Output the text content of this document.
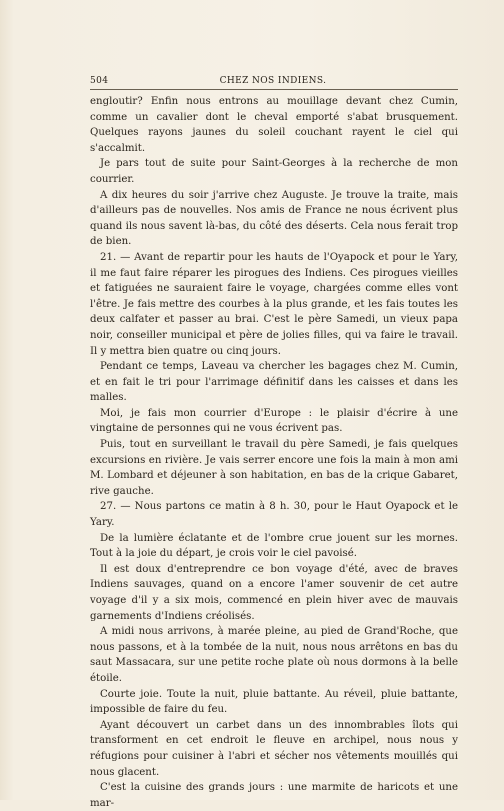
504	CHEZ NOS INDIENS.

engloutir? Enfin nous entrons au mouillage devant chez Cumin, comme un cavalier dont le cheval emporté s'abat brusquement. Quelques rayons jaunes du soleil couchant rayent le ciel qui s'accalmit.

Je pars tout de suite pour Saint-Georges à la recherche de mon courrier.

A dix heures du soir j'arrive chez Auguste. Je trouve la traite, mais d'ailleurs pas de nouvelles. Nos amis de France ne nous écrivent plus quand ils nous savent là-bas, du côté des déserts. Cela nous ferait trop de bien.

21. — Avant de repartir pour les hauts de l'Oyapock et pour le Yary, il me faut faire réparer les pirogues des Indiens. Ces pirogues vieilles et fatiguées ne sauraient faire le voyage, chargées comme elles vont l'être. Je fais mettre des courbes à la plus grande, et les fais toutes les deux calfater et passer au brai. C'est le père Samedi, un vieux papa noir, conseiller municipal et père de jolies filles, qui va faire le travail. Il y mettra bien quatre ou cinq jours.

Pendant ce temps, Laveau va chercher les bagages chez M. Cumin, et en fait le tri pour l'arrimage définitif dans les caisses et dans les malles.

Moi, je fais mon courrier d'Europe : le plaisir d'écrire à une vingtaine de personnes qui ne vous écrivent pas.

Puis, tout en surveillant le travail du père Samedi, je fais quelques excursions en rivière. Je vais serrer encore une fois la main à mon ami M. Lombard et déjeuner à son habitation, en bas de la crique Gabaret, rive gauche.

27. — Nous partons ce matin à 8 h. 30, pour le Haut Oyapock et le Yary.

De la lumière éclatante et de l'ombre crue jouent sur les mornes. Tout à la joie du départ, je crois voir le ciel pavoisé.

Il est doux d'entreprendre ce bon voyage d'été, avec de braves Indiens sauvages, quand on a encore l'amer souvenir de cet autre voyage d'il y a six mois, commencé en plein hiver avec de mauvais garnements d'Indiens créolisés.

A midi nous arrivons, à marée pleine, au pied de Grand'Roche, que nous passons, et à la tombée de la nuit, nous nous arrêtons en bas du saut Massacara, sur une petite roche plate où nous dormons à la belle étoile.

Courte joie. Toute la nuit, pluie battante. Au réveil, pluie battante, impossible de faire du feu.

Ayant découvert un carbet dans un des innombrables îlots qui transforment en cet endroit le fleuve en archipel, nous nous y réfugions pour cuisiner à l'abri et sécher nos vêtements mouillés qui nous glacent.

C'est la cuisine des grands jours : une marmite de haricots et une mar-
